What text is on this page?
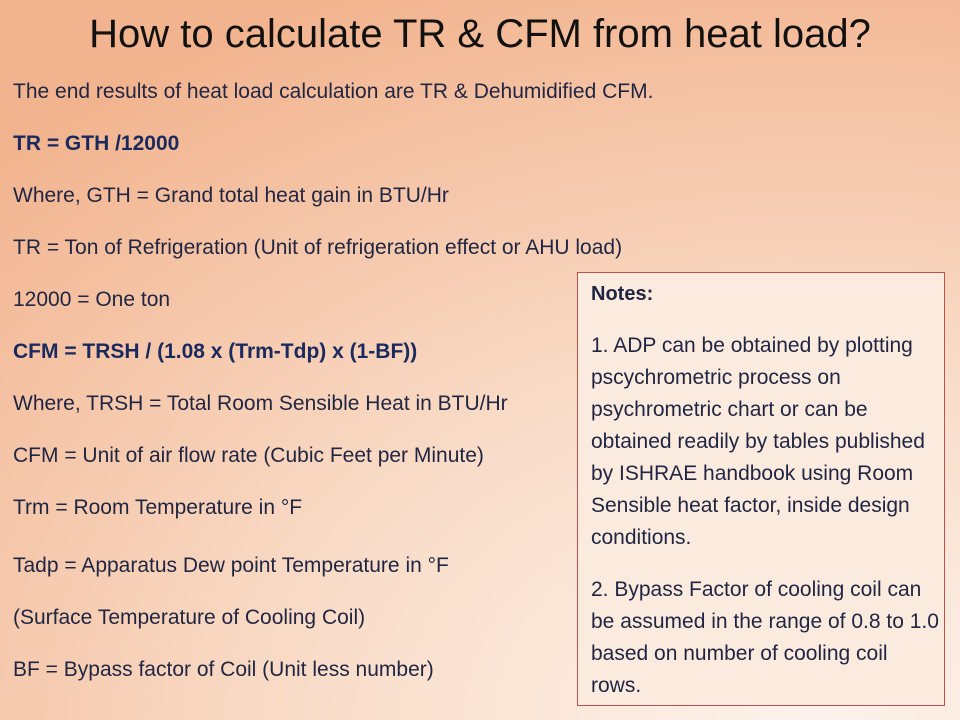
How to calculate TR & CFM from heat load?
The end results of heat load calculation are TR & Dehumidified CFM.
TR = GTH /12000
Where, GTH = Grand total heat gain in BTU/Hr
TR = Ton of Refrigeration (Unit of refrigeration effect or AHU load)
12000 = One ton
CFM = TRSH / (1.08 x (Trm-Tdp) x (1-BF))
Where, TRSH = Total Room Sensible Heat in BTU/Hr
CFM = Unit of air flow rate (Cubic Feet per Minute)
Trm = Room Temperature in °F
Tadp = Apparatus Dew point Temperature in °F
(Surface Temperature of Cooling Coil)
BF = Bypass factor of Coil (Unit less number)
Notes:
1. ADP can be obtained by plotting pscychrometric process on psychrometric chart or can be obtained readily by tables published by ISHRAE handbook using Room Sensible heat factor, inside design conditions.
2. Bypass Factor of cooling coil can be assumed in the range of 0.8 to 1.0 based on number of cooling coil rows.
